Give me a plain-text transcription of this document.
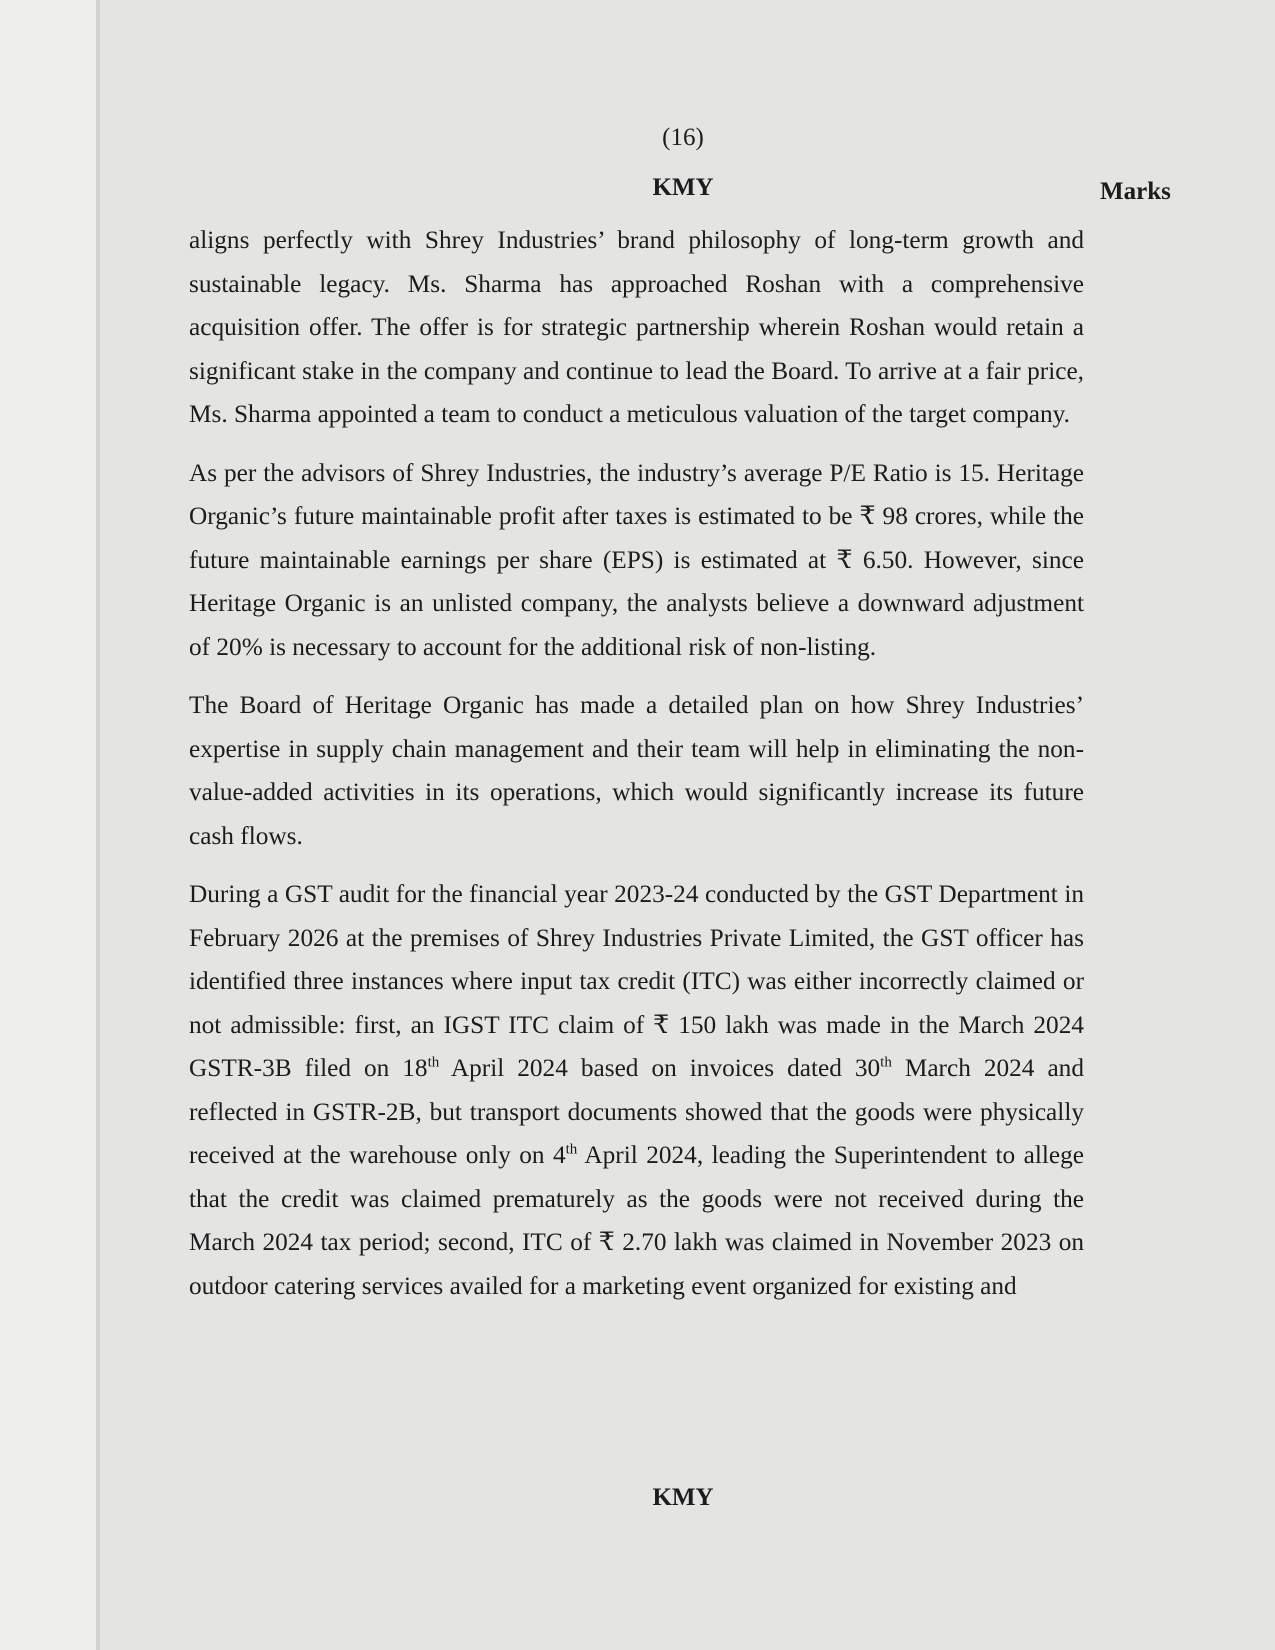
(16)
KMY	Marks

aligns perfectly with Shrey Industries’ brand philosophy of long-term growth and sustainable legacy. Ms. Sharma has approached Roshan with a comprehensive acquisition offer. The offer is for strategic partnership wherein Roshan would retain a significant stake in the company and continue to lead the Board. To arrive at a fair price, Ms. Sharma appointed a team to conduct a meticulous valuation of the target company.

As per the advisors of Shrey Industries, the industry’s average P/E Ratio is 15. Heritage Organic’s future maintainable profit after taxes is estimated to be ₹ 98 crores, while the future maintainable earnings per share (EPS) is estimated at ₹ 6.50. However, since Heritage Organic is an unlisted company, the analysts believe a downward adjustment of 20% is necessary to account for the additional risk of non-listing.

The Board of Heritage Organic has made a detailed plan on how Shrey Industries’ expertise in supply chain management and their team will help in eliminating the non-value-added activities in its operations, which would significantly increase its future cash flows.

During a GST audit for the financial year 2023-24 conducted by the GST Department in February 2026 at the premises of Shrey Industries Private Limited, the GST officer has identified three instances where input tax credit (ITC) was either incorrectly claimed or not admissible: first, an IGST ITC claim of ₹ 150 lakh was made in the March 2024 GSTR-3B filed on 18th April 2024 based on invoices dated 30th March 2024 and reflected in GSTR-2B, but transport documents showed that the goods were physically received at the warehouse only on 4th April 2024, leading the Superintendent to allege that the credit was claimed prematurely as the goods were not received during the March 2024 tax period; second, ITC of ₹ 2.70 lakh was claimed in November 2023 on outdoor catering services availed for a marketing event organized for existing and

KMY
